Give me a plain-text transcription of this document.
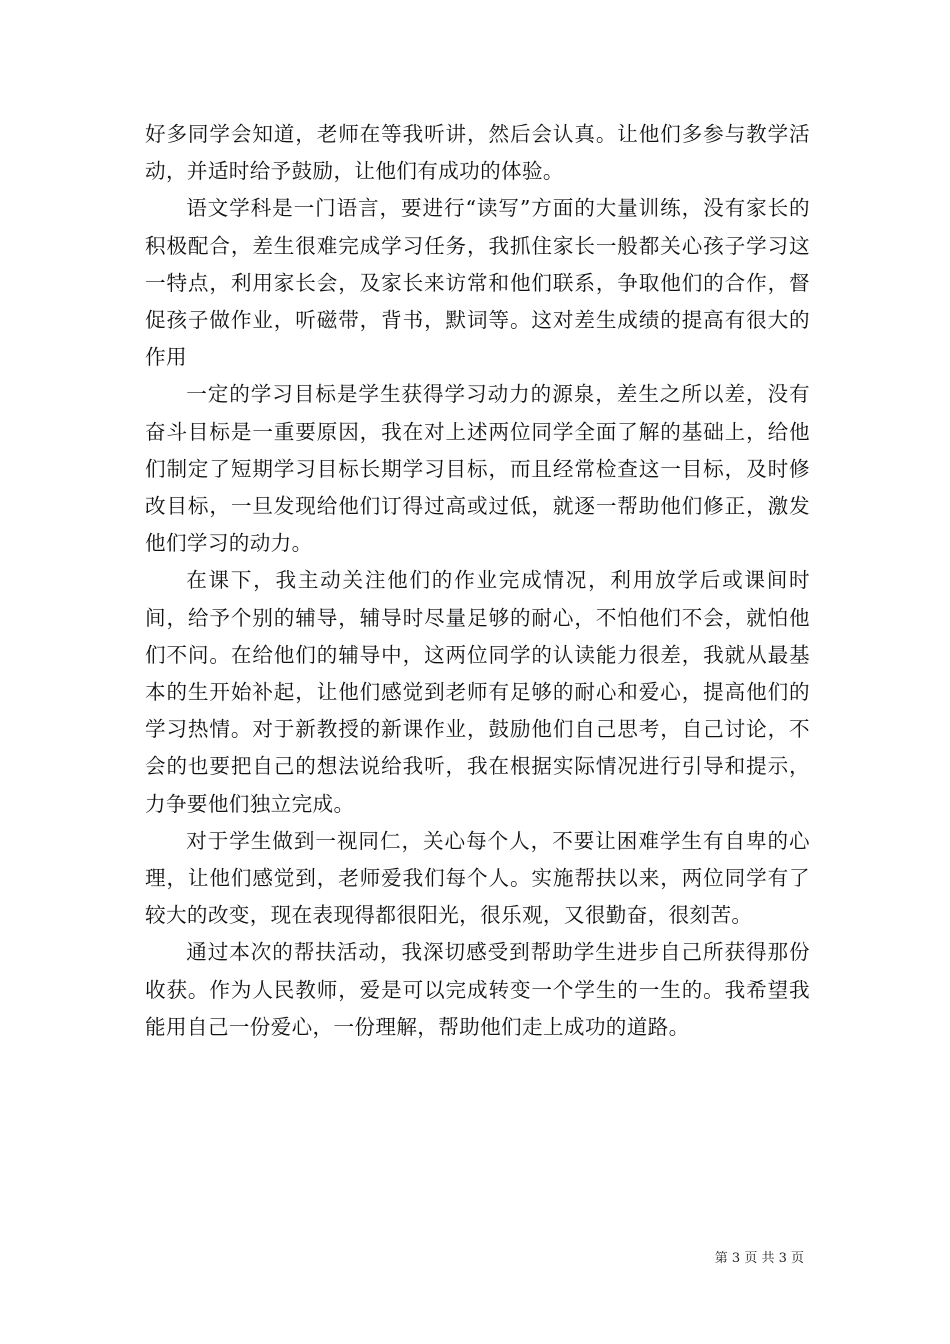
好多同学会知道，老师在等我听讲，然后会认真。让他们多参与教学活动，并适时给予鼓励，让他们有成功的体验。

语文学科是一门语言，要进行“读写”方面的大量训练，没有家长的积极配合，差生很难完成学习任务，我抓住家长一般都关心孩子学习这一特点，利用家长会，及家长来访常和他们联系，争取他们的合作，督促孩子做作业，听磁带，背书，默词等。这对差生成绩的提高有很大的作用

一定的学习目标是学生获得学习动力的源泉，差生之所以差，没有奋斗目标是一重要原因，我在对上述两位同学全面了解的基础上，给他们制定了短期学习目标长期学习目标，而且经常检查这一目标，及时修改目标，一旦发现给他们订得过高或过低，就逐一帮助他们修正，激发他们学习的动力。

在课下，我主动关注他们的作业完成情况，利用放学后或课间时间，给予个别的辅导，辅导时尽量足够的耐心，不怕他们不会，就怕他们不问。在给他们的辅导中，这两位同学的认读能力很差，我就从最基本的生开始补起，让他们感觉到老师有足够的耐心和爱心，提高他们的学习热情。对于新教授的新课作业，鼓励他们自己思考，自己讨论，不会的也要把自己的想法说给我听，我在根据实际情况进行引导和提示，力争要他们独立完成。

对于学生做到一视同仁，关心每个人，不要让困难学生有自卑的心理，让他们感觉到，老师爱我们每个人。实施帮扶以来，两位同学有了较大的改变，现在表现得都很阳光，很乐观，又很勤奋，很刻苦。

通过本次的帮扶活动，我深切感受到帮助学生进步自己所获得那份收获。作为人民教师，爱是可以完成转变一个学生的一生的。我希望我能用自己一份爱心，一份理解，帮助他们走上成功的道路。

第 3 页 共 3 页
